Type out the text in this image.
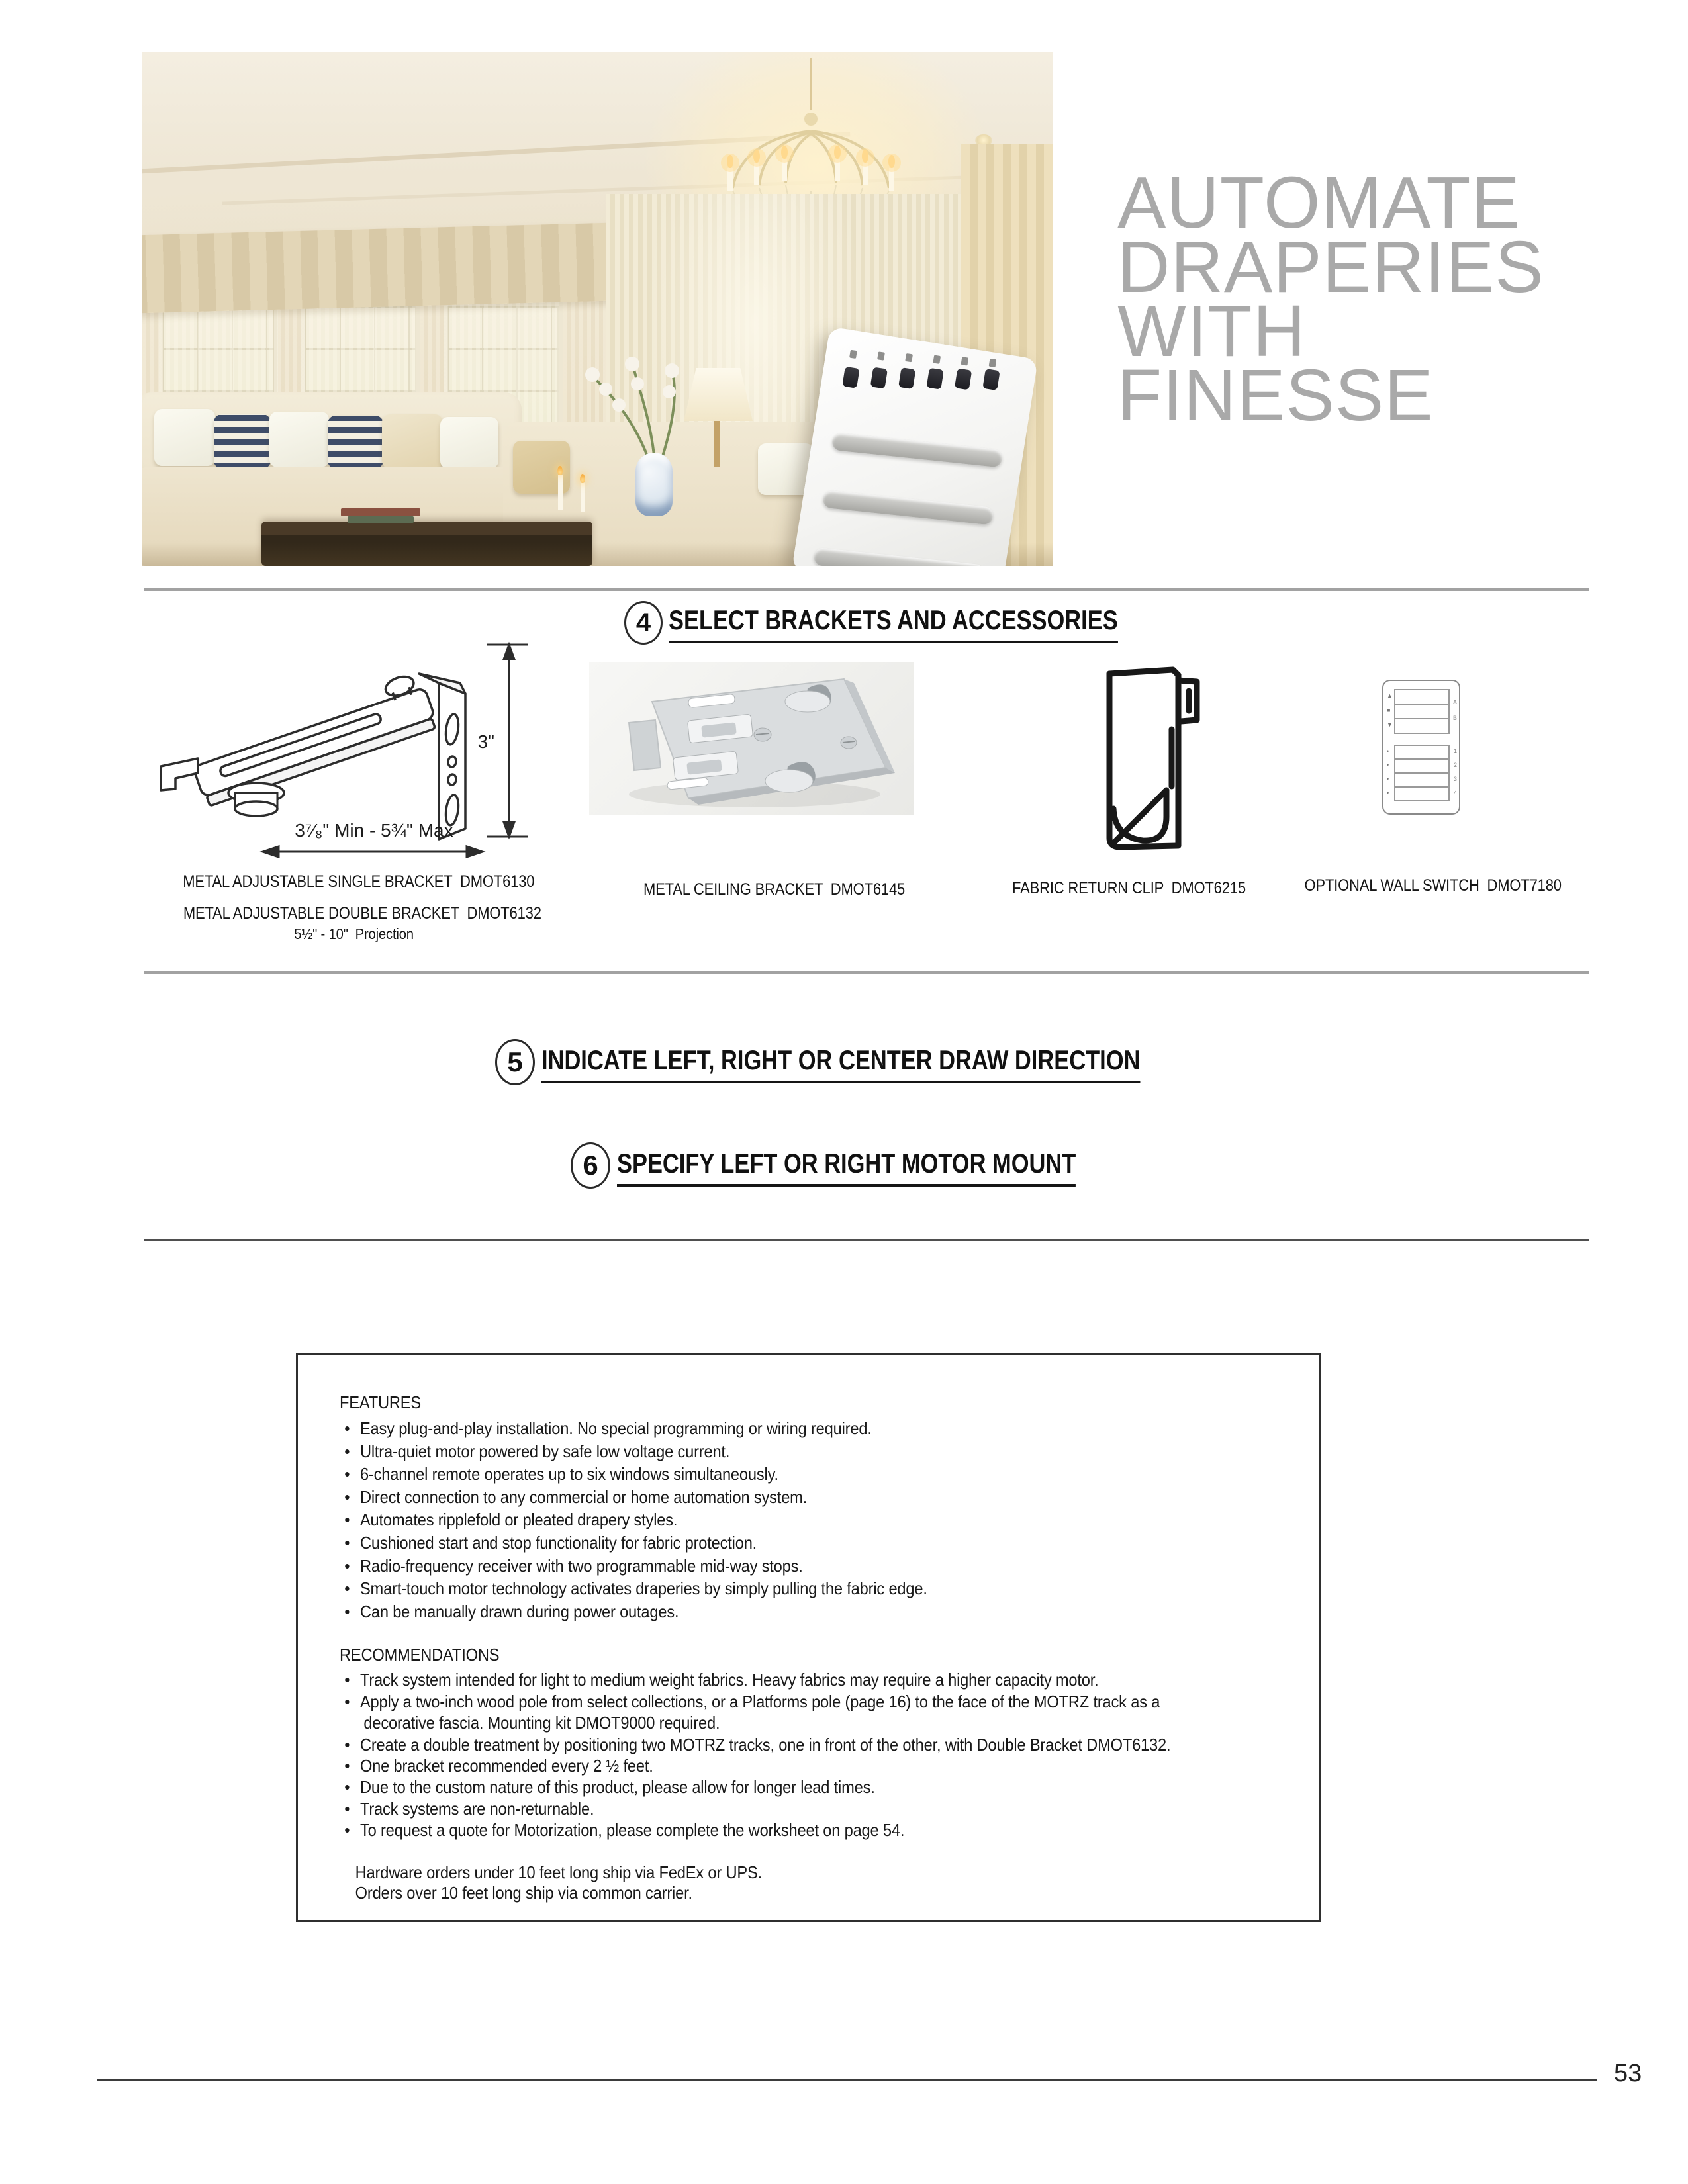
AUTOMATE
DRAPERIES
WITH FINESSE
4 SELECT BRACKETS AND ACCESSORIES
3"
3⁷⁄₈" Min - 5¾" Max
METAL ADJUSTABLE SINGLE BRACKET  DMOT6130
METAL ADJUSTABLE DOUBLE BRACKET  DMOT6132
5½" - 10"  Projection
METAL CEILING BRACKET  DMOT6145	FABRIC RETURN CLIP  DMOT6215
▲
■
▼
•
•
•
•
A
B
1
2
3
4
OPTIONAL WALL SWITCH  DMOT7180
5 INDICATE LEFT, RIGHT OR CENTER DRAW DIRECTION
6 SPECIFY LEFT OR RIGHT MOTOR MOUNT

FEATURES

• Easy plug-and-play installation. No special programming or wiring required.
• Ultra-quiet motor powered by safe low voltage current.
• 6-channel remote operates up to six windows simultaneously.
• Direct connection to any commercial or home automation system.
• Automates ripplefold or pleated drapery styles.
• Cushioned start and stop functionality for fabric protection.
• Radio-frequency receiver with two programmable mid-way stops.
• Smart-touch motor technology activates draperies by simply pulling the fabric edge.
• Can be manually drawn during power outages.

RECOMMENDATIONS

• Track system intended for light to medium weight fabrics. Heavy fabrics may require a higher capacity motor.
• Apply a two-inch wood pole from select collections, or a Platforms pole (page 16) to the face of the MOTRZ track as a
decorative fascia. Mounting kit DMOT9000 required.
• Create a double treatment by positioning two MOTRZ tracks, one in front of the other, with Double Bracket DMOT6132.
• One bracket recommended every 2 ½ feet.
• Due to the custom nature of this product, please allow for longer lead times.
• Track systems are non-returnable.
• To request a quote for Motorization, please complete the worksheet on page 54.
Hardware orders under 10 feet long ship via FedEx or UPS.
Orders over 10 feet long ship via common carrier.
53
